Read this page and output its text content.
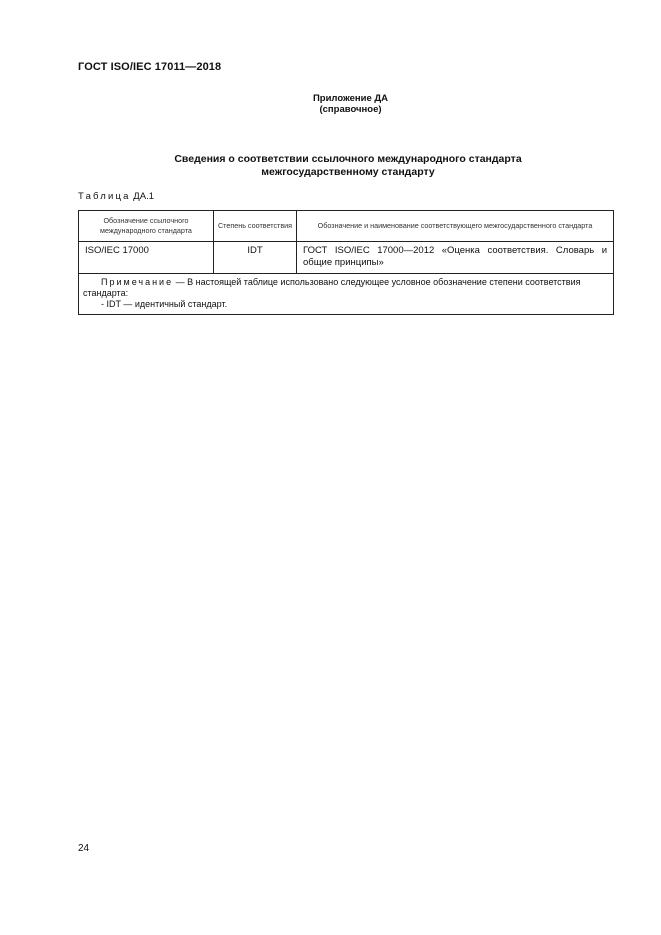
ГОСТ ISO/IEC 17011—2018
Приложение ДА
(справочное)
Сведения о соответствии ссылочного международного стандарта
межгосударственному стандарту
Таблица ДА.1
Обозначение ссылочного международного стандарта	Степень соответствия	Обозначение и наименование соответствующего межгосударственного стандарта
ISO/IEC 17000	IDT	ГОСТ ISO/IEC 17000—2012 «Оценка соответствия. Словарь и общие принципы»

Примечание — В настоящей таблице использовано следующее условное обозначение степени соответствия стандарта:
- IDT — идентичный стандарт.		
24
